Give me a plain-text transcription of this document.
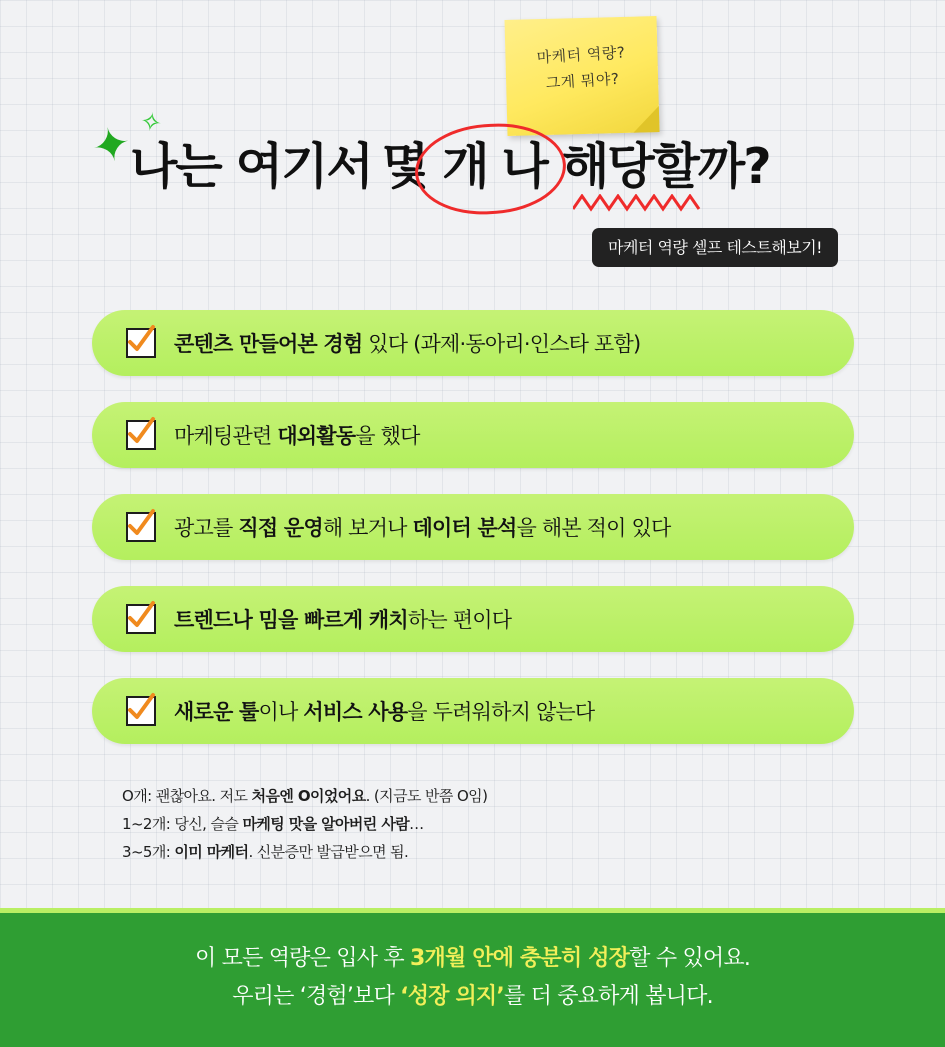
마케터 역량?
그게 뭐야?
✦ ✧
나는 여기서 몇 개 나 해당할까?
마케터 역량 셀프 테스트해보기!
콘텐츠 만들어본 경험 있다 (과제·동아리·인스타 포함)
마케팅관련 대외활동을 했다
광고를 직접 운영해 보거나 데이터 분석을 해본 적이 있다
트렌드나 밈을 빠르게 캐치하는 편이다
새로운 툴이나 서비스 사용을 두려워하지 않는다
O개: 괜찮아요. 저도 처음엔 O이었어요. (지금도 반쯤 O임)
1~2개: 당신, 슬슬 마케팅 맛을 알아버린 사람…
3~5개: 이미 마케터. 신분증만 발급받으면 됨.
이 모든 역량은 입사 후 3개월 안에 충분히 성장할 수 있어요.
우리는 ‘경험’보다 ‘성장 의지’를 더 중요하게 봅니다.
